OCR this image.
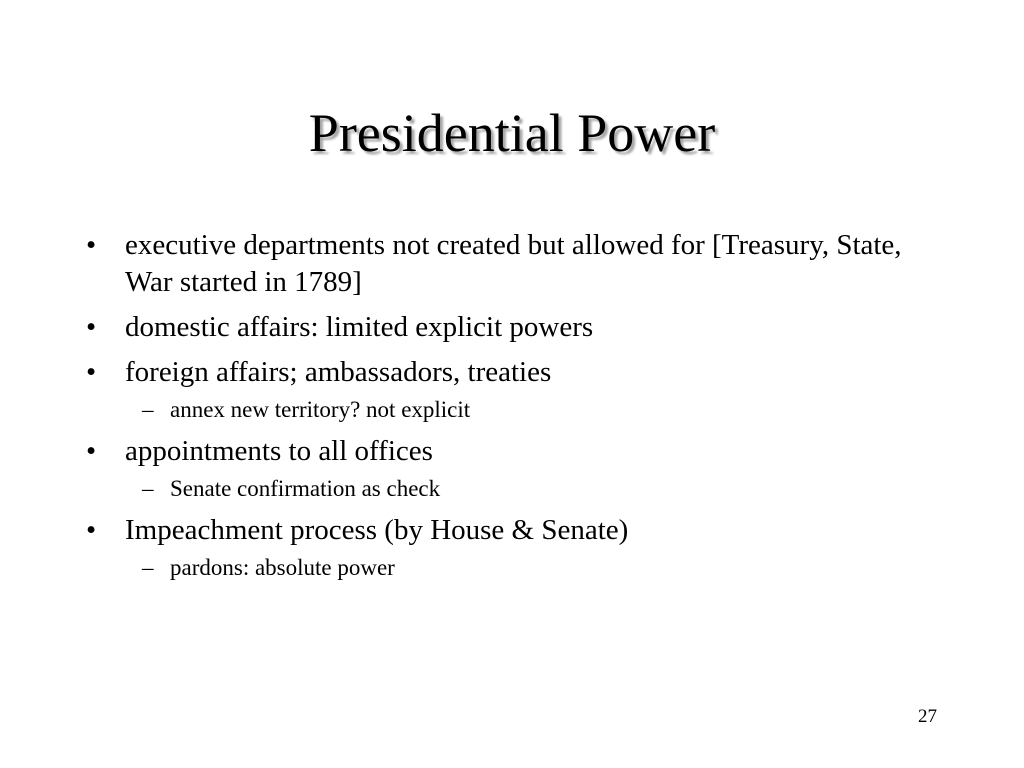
Presidential Power
• executive departments not created but allowed for [Treasury, State, War started in 1789]
• domestic affairs: limited explicit powers
• foreign affairs; ambassadors, treaties
– annex new territory? not explicit
• appointments to all offices
– Senate confirmation as check
• Impeachment process (by House & Senate)
– pardons: absolute power
27
